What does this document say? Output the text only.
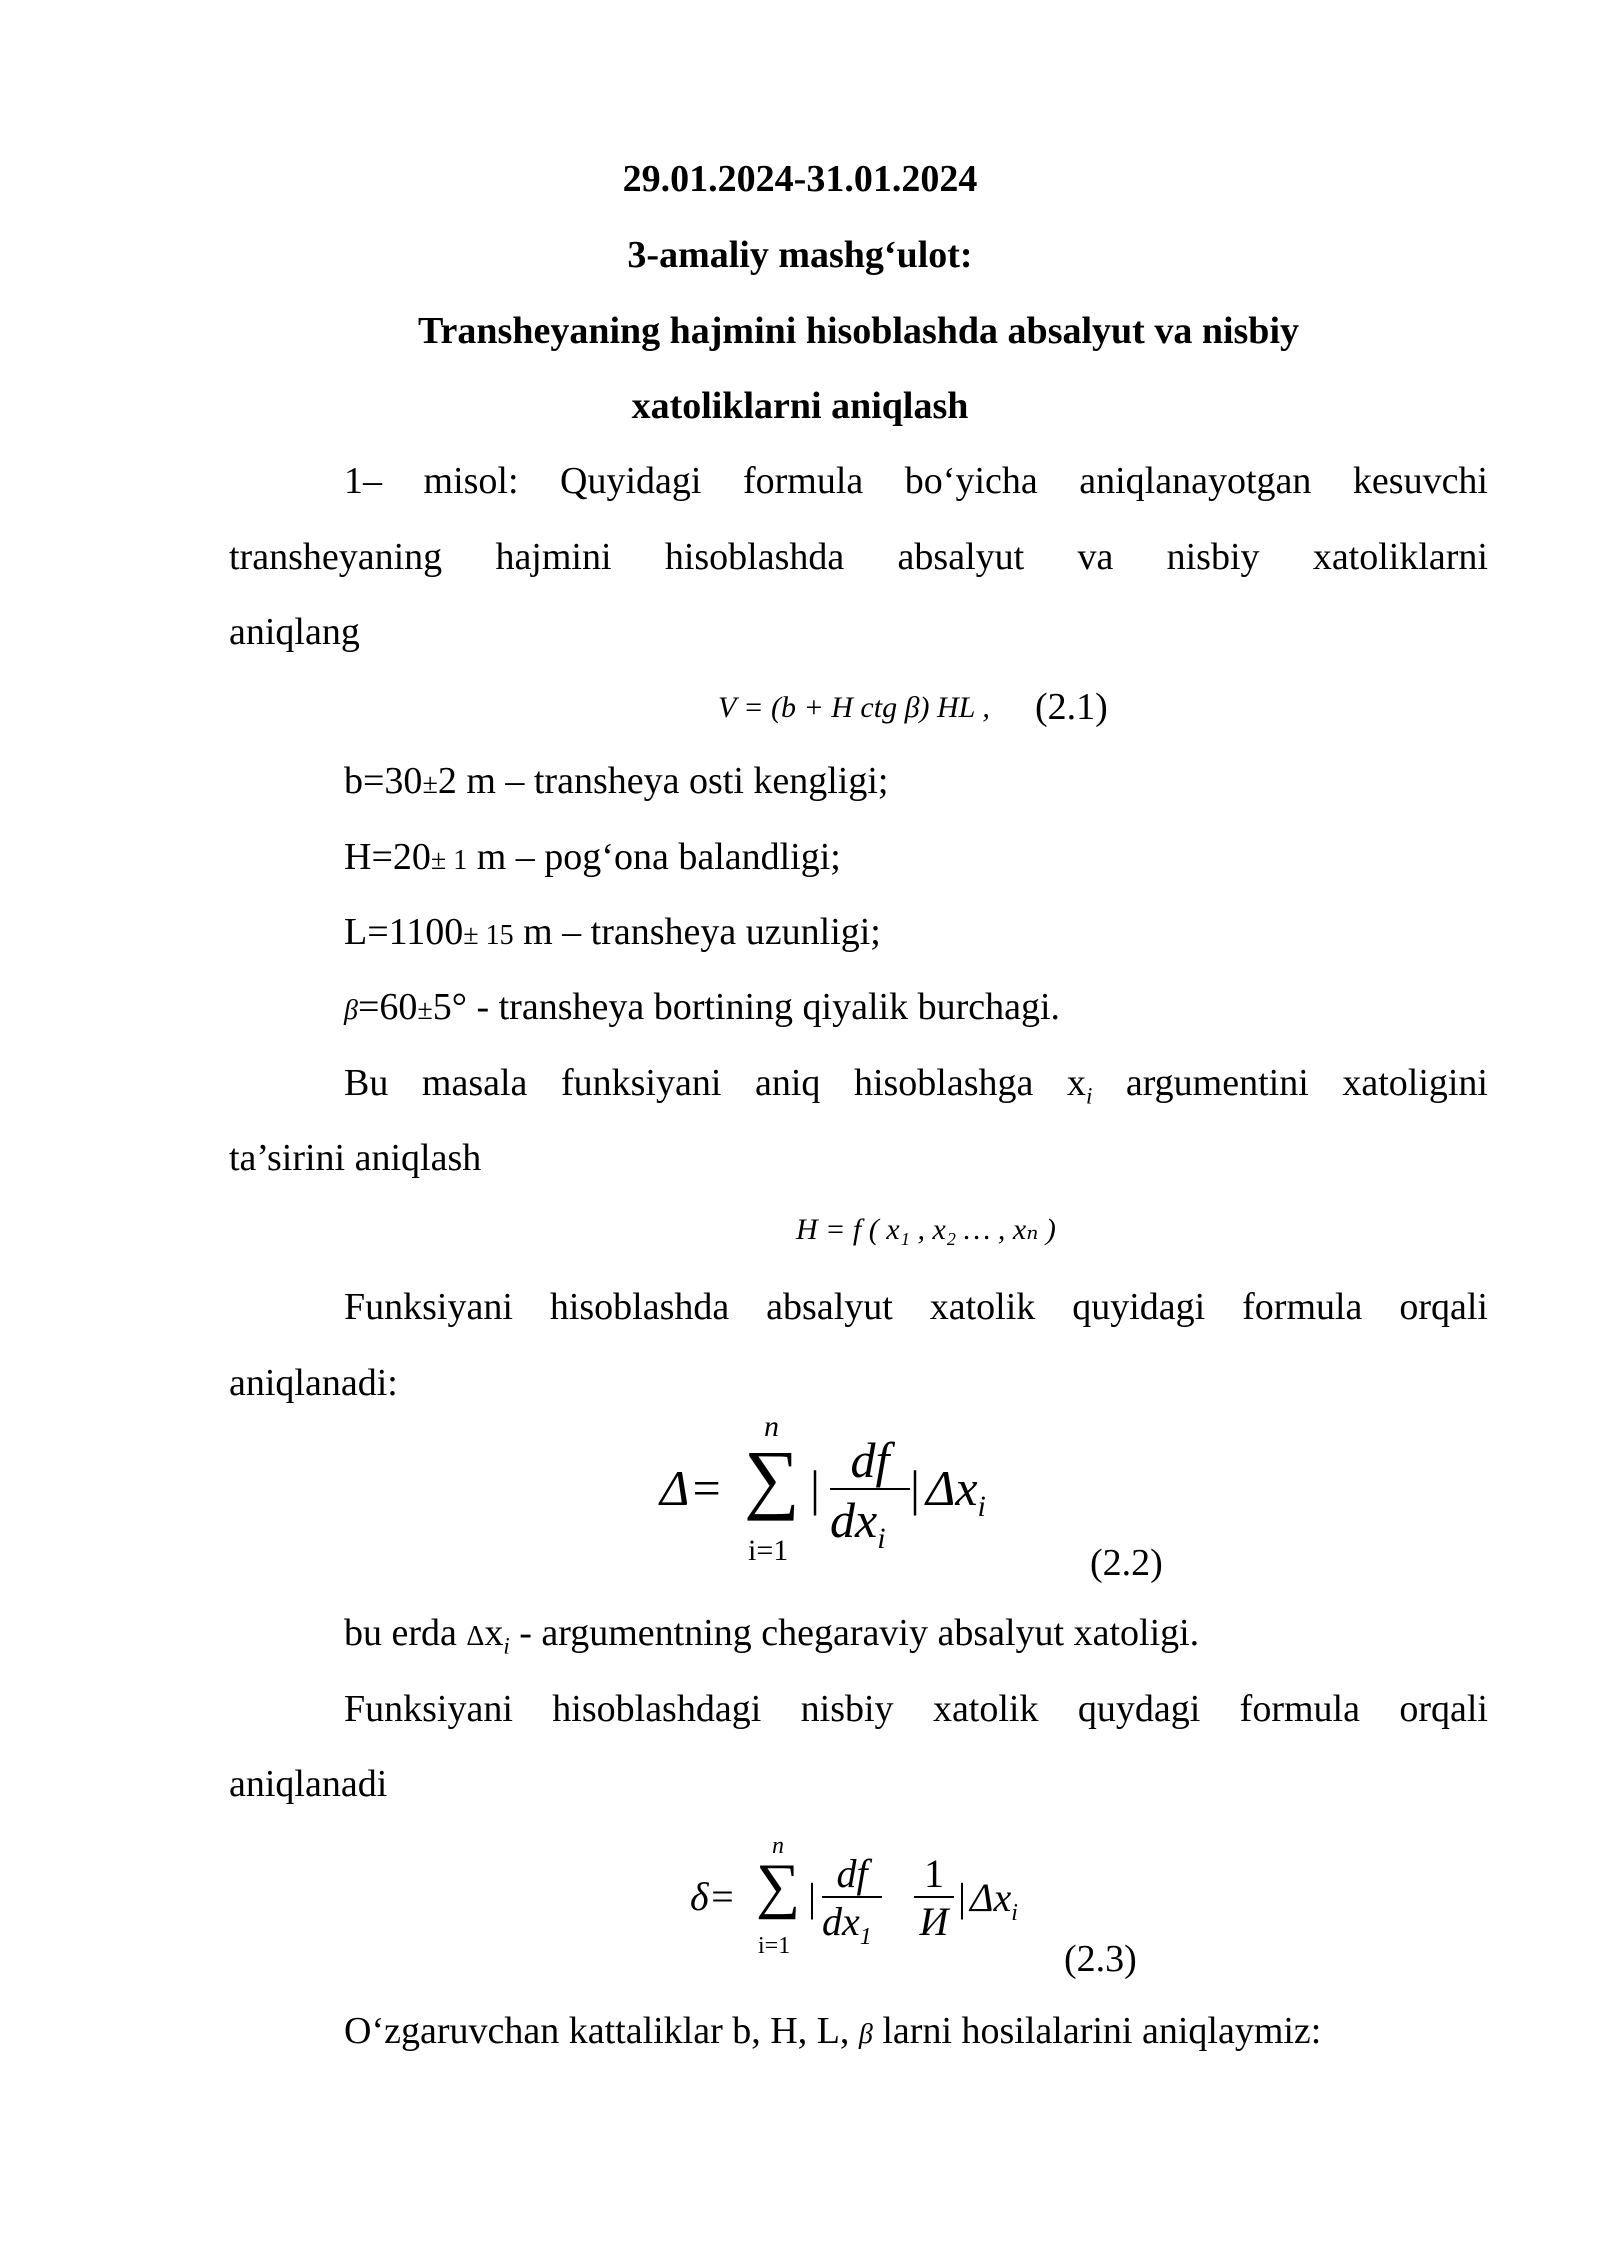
29.01.2024-31.01.2024
3-amaliy mashg‘ulot:
Transheyaning hajmini hisoblashda absalyut va nisbiy
xatoliklarni aniqlash
1– misol: Quyidagi formula bo‘yicha aniqlanayotgan kesuvchi
transheyaning hajmini hisoblashda absalyut va nisbiy xatoliklarni
aniqlang
V = (b + H ctg β) HL , (2.1)
b=30±2 m – transheya osti kengligi;
H=20± 1 m – pog‘ona balandligi;
L=1100± 15 m – transheya uzunligi;
β=60±5° - transheya bortining qiyalik burchagi.
Bu masala funksiyani aniq hisoblashga $x_i$ argumentini xatoligini
ta’sirini aniqlash
H = f ( x₁ , x₂ … , xₙ )
Funksiyani hisoblashda absalyut xatolik quyidagi formula orqali
aniqlanadi:
Δ=
n
∑
i=1
| df
$dx_i$
| $\Delta x_i$
(2.2)
bu erda $\Delta x_i$ - argumentning chegaraviy absalyut xatoligi.
Funksiyani hisoblashdagi nisbiy xatolik quydagi formula orqali
aniqlanadi
δ=
n
∑
i=1
|
df
$dx_1$
1
И
| $\Delta x_i$
(2.3)
O‘zgaruvchan kattaliklar b, H, L, β larni hosilalarini aniqlaymiz:
